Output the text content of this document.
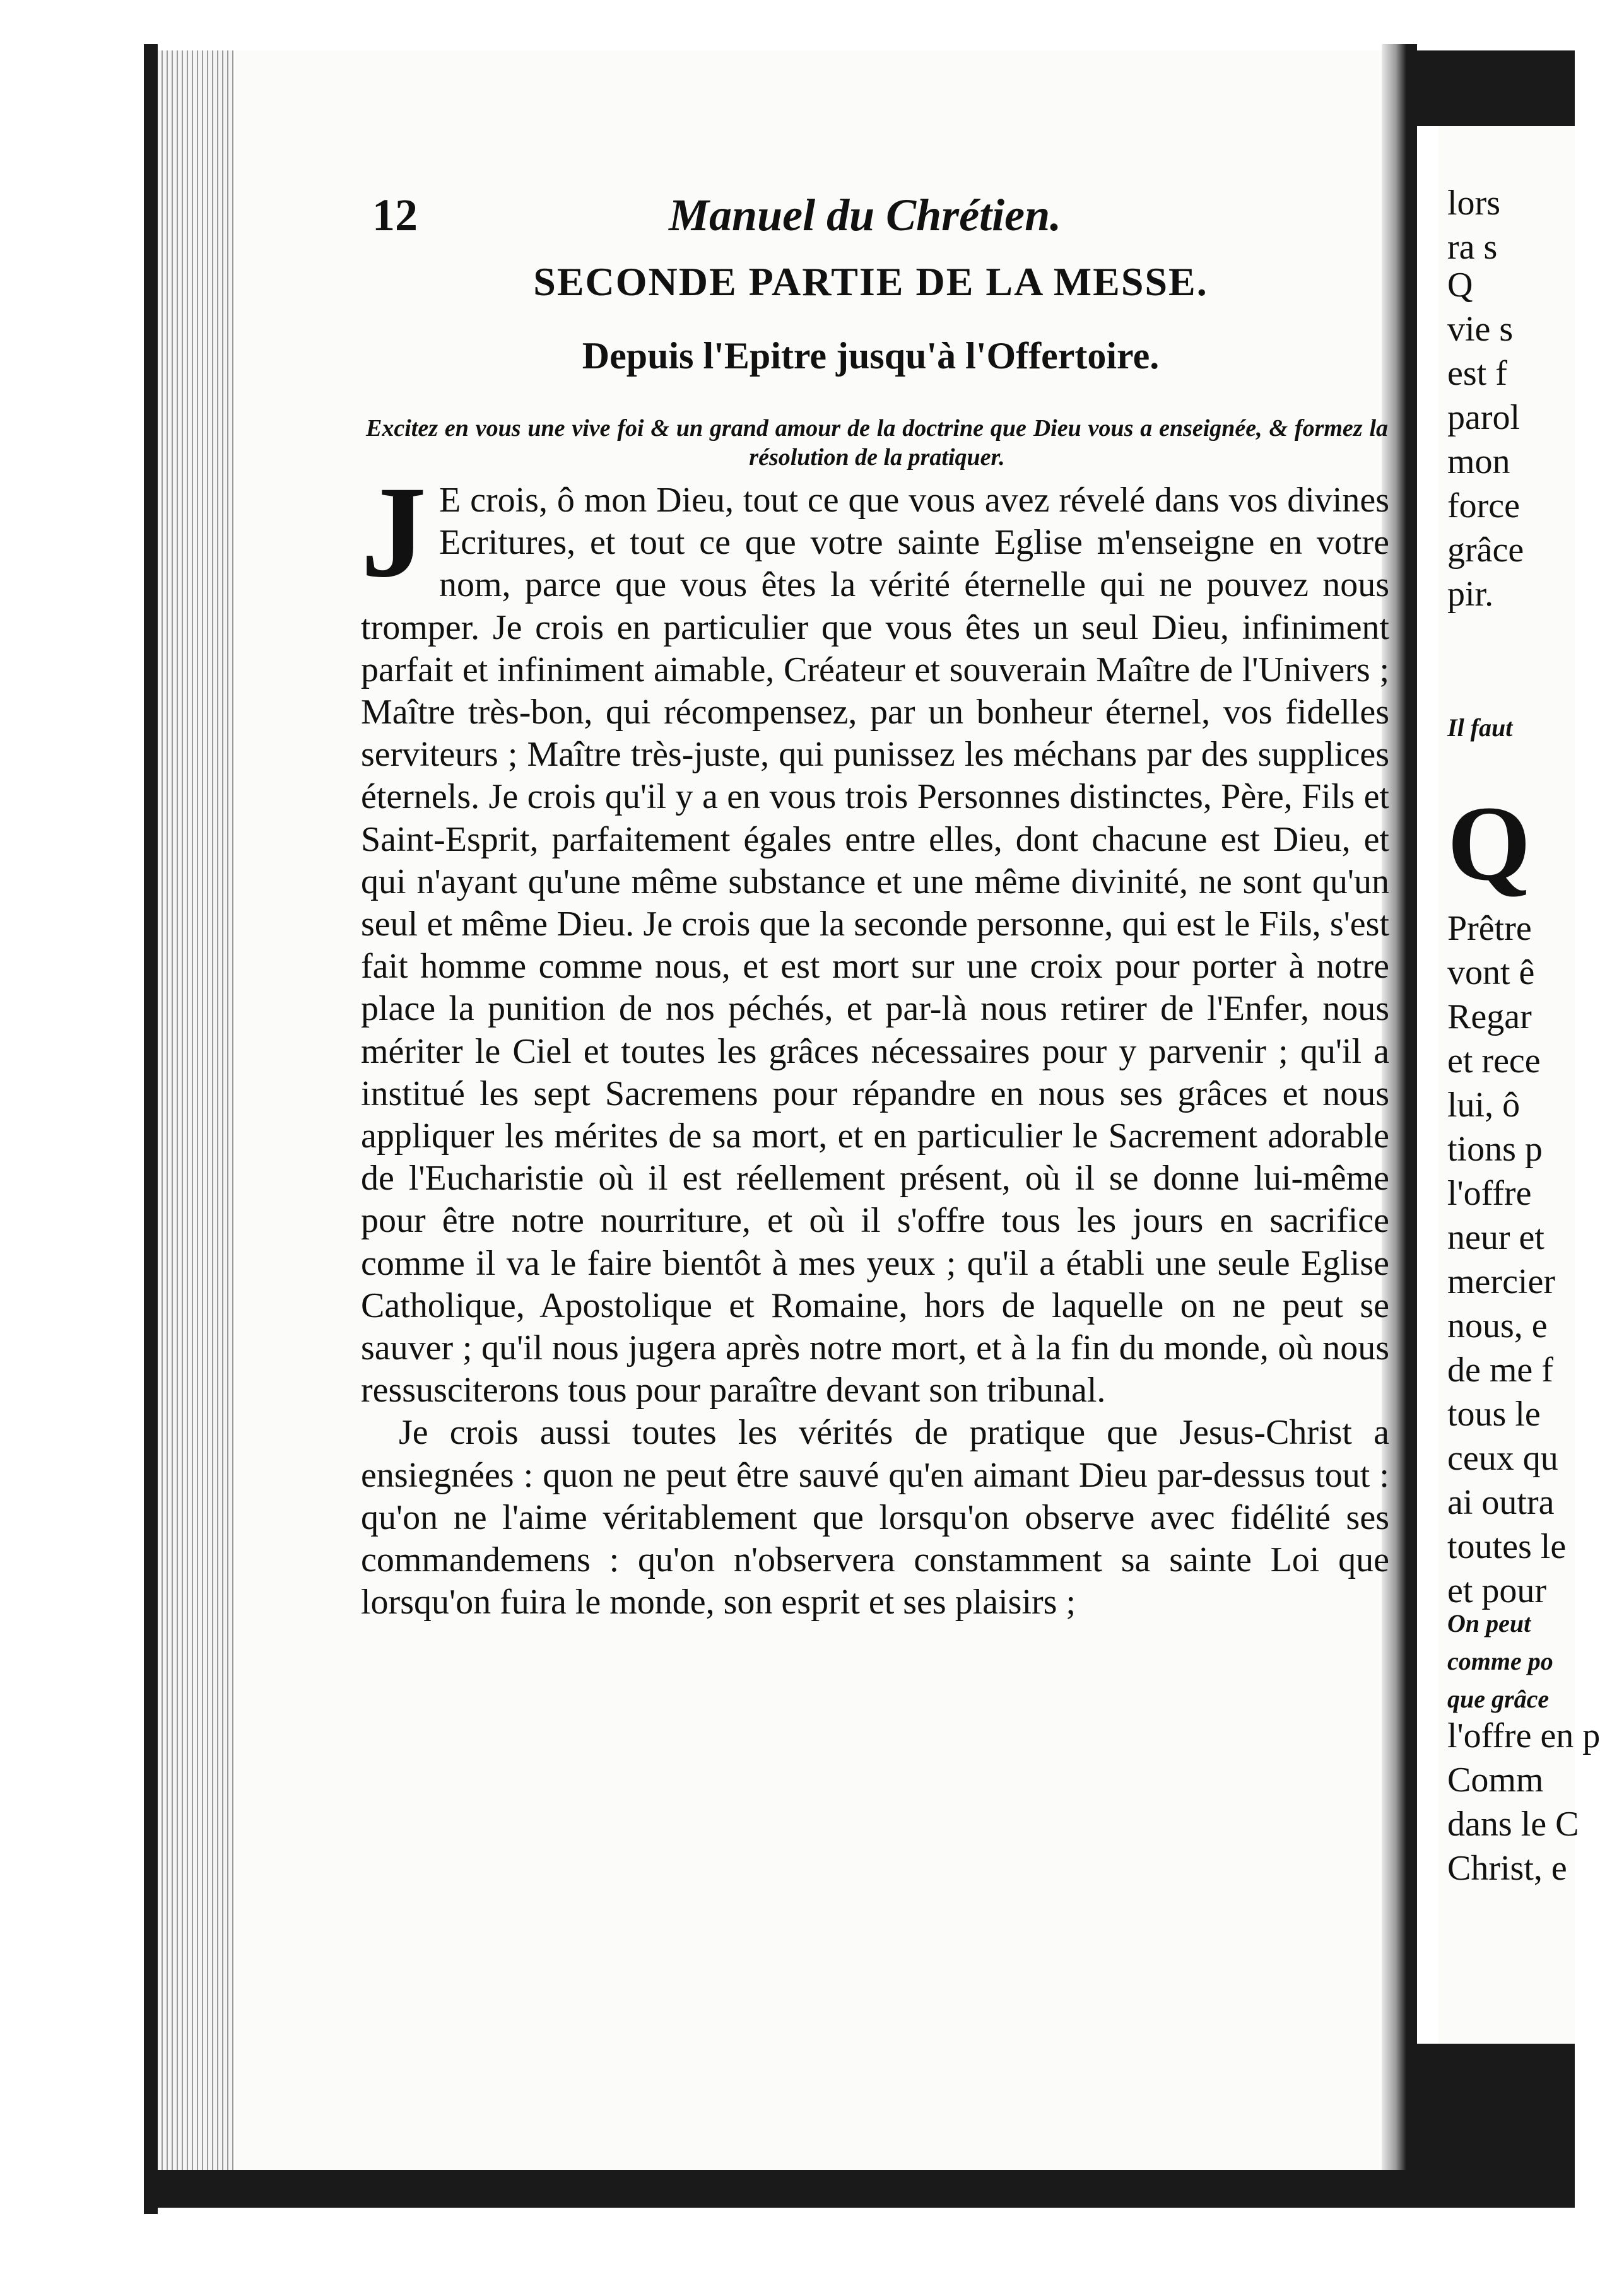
12	Manuel du Chrétien.
SECONDE PARTIE DE LA MESSE.
Depuis l'Epitre jusqu'à l'Offertoire.
Excitez en vous une vive foi & un grand amour de la doctrine que Dieu vous a enseignée, & formez la résolution de la pratiquer.

J E crois, ô mon Dieu, tout ce que vous avez révelé dans vos divines Ecritures, et tout ce que votre sainte Eglise m'enseigne en votre nom, parce que vous êtes la vérité éternelle qui ne pouvez nous tromper. Je crois en particulier que vous êtes un seul Dieu, infiniment parfait et infiniment aimable, Créateur et souverain Maître de l'Univers ; Maître très-bon, qui récompensez, par un bonheur éternel, vos fidelles serviteurs ; Maître très-juste, qui punissez les méchans par des supplices éternels. Je crois qu'il y a en vous trois Personnes distinctes, Père, Fils et Saint-Esprit, parfaitement égales entre elles, dont chacune est Dieu, et qui n'ayant qu'une même substance et une même divinité, ne sont qu'un seul et même Dieu. Je crois que la seconde personne, qui est le Fils, s'est fait homme comme nous, et est mort sur une croix pour porter à notre place la punition de nos péchés, et par-là nous retirer de l'Enfer, nous mériter le Ciel et toutes les grâces nécessaires pour y parvenir ; qu'il a institué les sept Sacremens pour répandre en nous ses grâces et nous appliquer les mérites de sa mort, et en particulier le Sacrement adorable de l'Eucharistie où il est réellement présent, où il se donne lui-même pour être notre nourriture, et où il s'offre tous les jours en sacrifice comme il va le faire bientôt à mes yeux ; qu'il a établi une seule Eglise Catholique, Apostolique et Romaine, hors de laquelle on ne peut se sauver ; qu'il nous jugera après notre mort, et à la fin du monde, où nous ressusciterons tous pour paraître devant son tribunal.

Je crois aussi toutes les vérités de pratique que Jesus-Christ a ensiegnées : quon ne peut être sauvé qu'en aimant Dieu par-dessus tout : qu'on ne l'aime véritablement que lorsqu'on observe avec fidélité ses commandemens : qu'on n'observera constamment sa sainte Loi que lorsqu'on fuira le monde, son esprit et ses plaisirs ;

lors
ra s
Q
vie s
est f
parol
mon
force
grâce
pir.
Il faut
Q
Prêtre
vont ê
Regar
et rece
lui, ô
tions p
l'offre
neur et
mercier
nous, e
de me f
tous le
ceux qu
ai outra
toutes le
et pour
On peut
comme po
que grâce
l'offre en p
Comm
dans le C
Christ, e
